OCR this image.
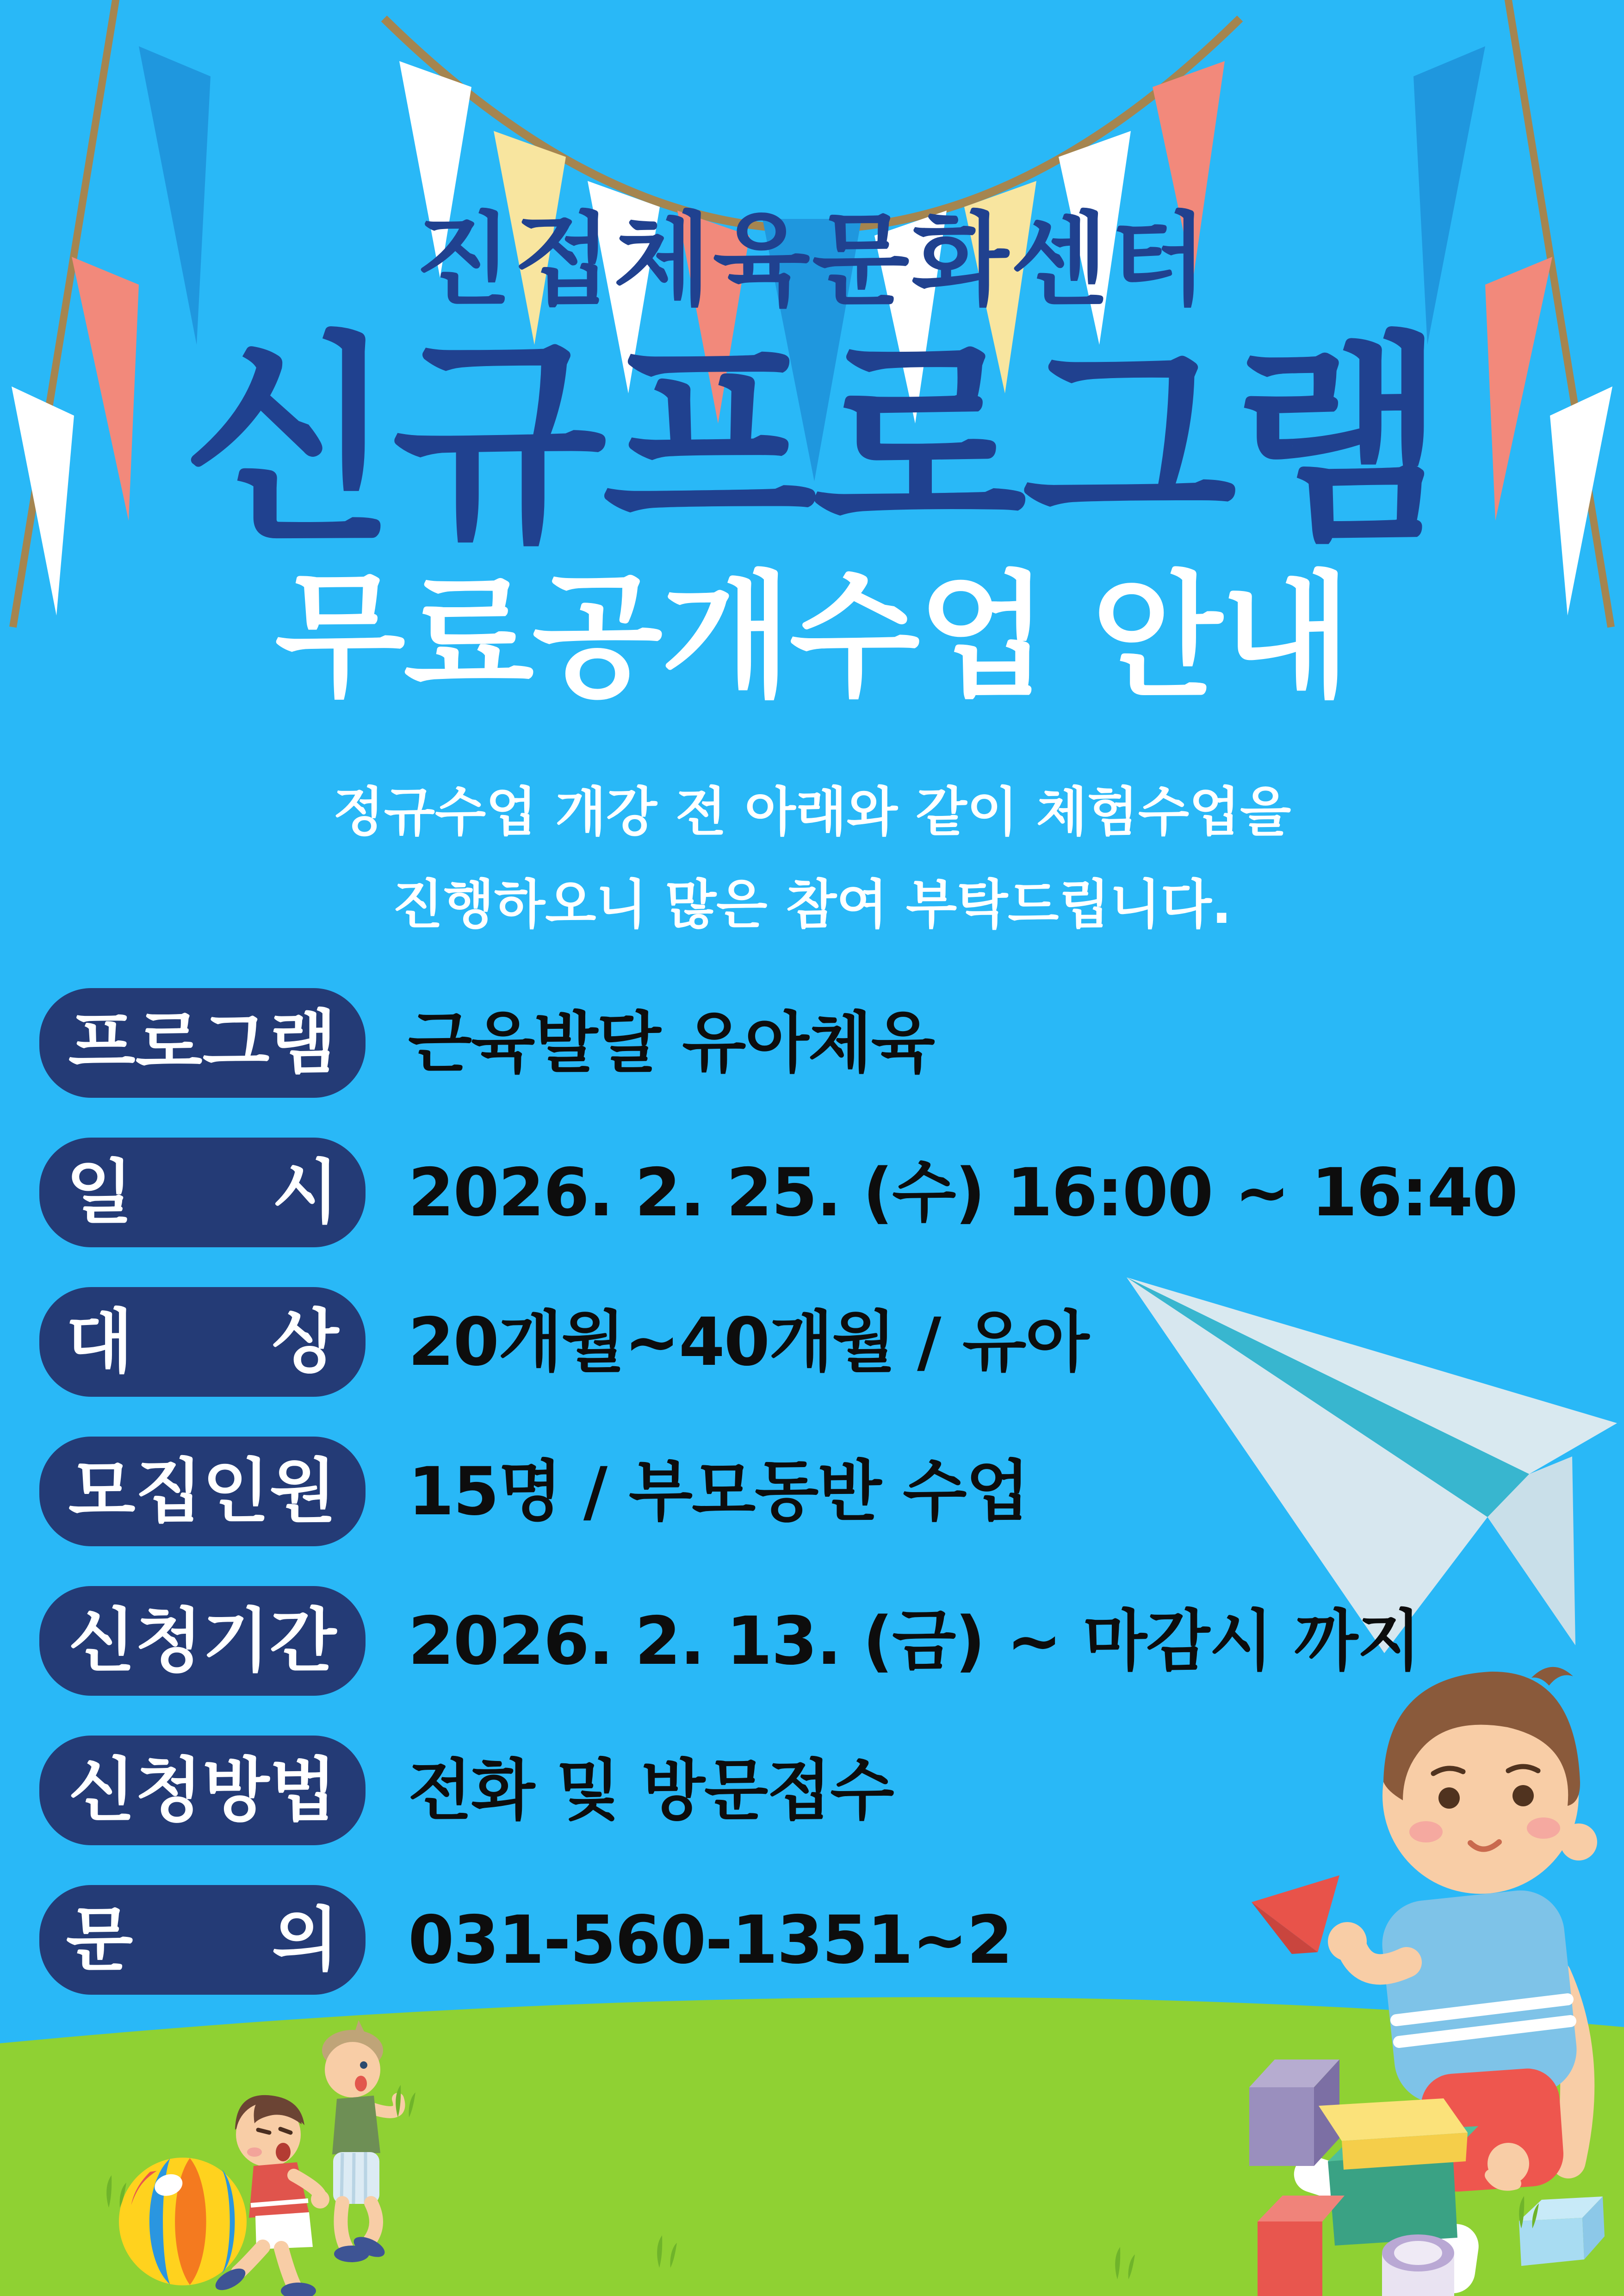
진접체육문화센터
신규프로그램
무료공개수업 안내
정규수업 개강 전 아래와 같이 체험수업을
진행하오니 많은 참여 부탁드립니다.
프로그램	근육발달 유아체육
일　　시	2026. 2. 25. (수) 16:00 ~ 16:40
대　　상	20개월~40개월 / 유아
모집인원	15명 / 부모동반 수업
신청기간	2026. 2. 13. (금) ~ 마감시 까지
신청방법	전화 및 방문접수
문　　의	031-560-1351~2
